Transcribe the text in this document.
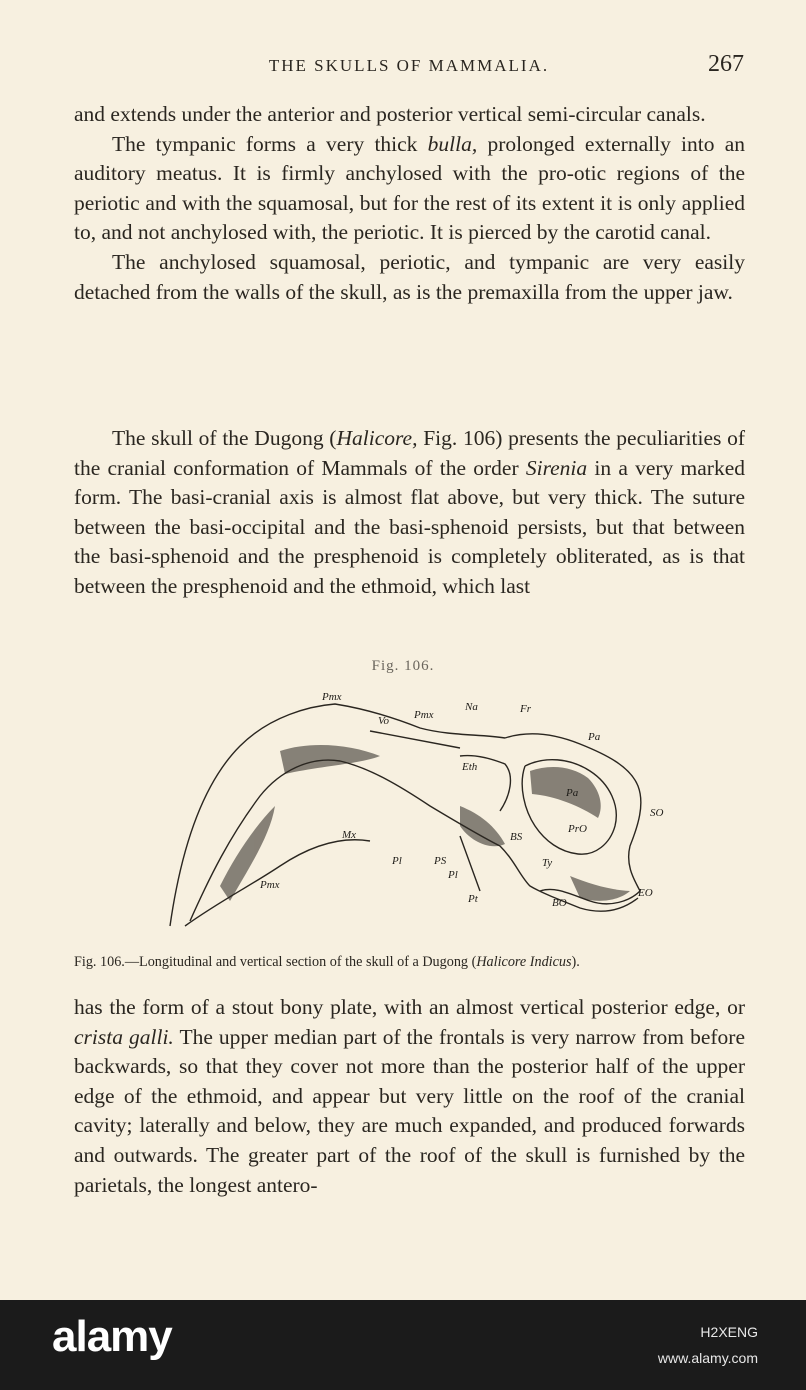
THE SKULLS OF MAMMALIA.	267

and extends under the anterior and posterior vertical semi-circular canals.

The tympanic forms a very thick bulla, prolonged externally into an auditory meatus. It is firmly anchylosed with the pro-otic regions of the periotic and with the squamosal, but for the rest of its extent it is only applied to, and not anchylosed with, the periotic. It is pierced by the carotid canal.

The anchylosed squamosal, periotic, and tympanic are very easily detached from the walls of the skull, as is the premaxilla from the upper jaw.

The skull of the Dugong (Halicore, Fig. 106) presents the peculiarities of the cranial conformation of Mammals of the order Sirenia in a very marked form. The basi-cranial axis is almost flat above, but very thick. The suture between the basi-occipital and the basi-sphenoid persists, but that between the basi-sphenoid and the presphenoid is completely obliterated, as is that between the presphenoid and the ethmoid, which last

Fig. 106.
Pmx
Vo Pmx
Na	Fr
Pa
Eth
Pa
SO
PrO
BS
Mx
Pl	PS
Pl
Ty
Pmx
Pt	BO
EO
Fig. 106.—Longitudinal and vertical section of the skull of a Dugong (Halicore Indicus).

has the form of a stout bony plate, with an almost vertical posterior edge, or crista galli. The upper median part of the frontals is very narrow from before backwards, so that they cover not more than the posterior half of the upper edge of the ethmoid, and appear but very little on the roof of the cranial cavity; laterally and below, they are much expanded, and produced forwards and outwards. The greater part of the roof of the skull is furnished by the parietals, the longest antero-

alamy	H2XENG
www.alamy.com
